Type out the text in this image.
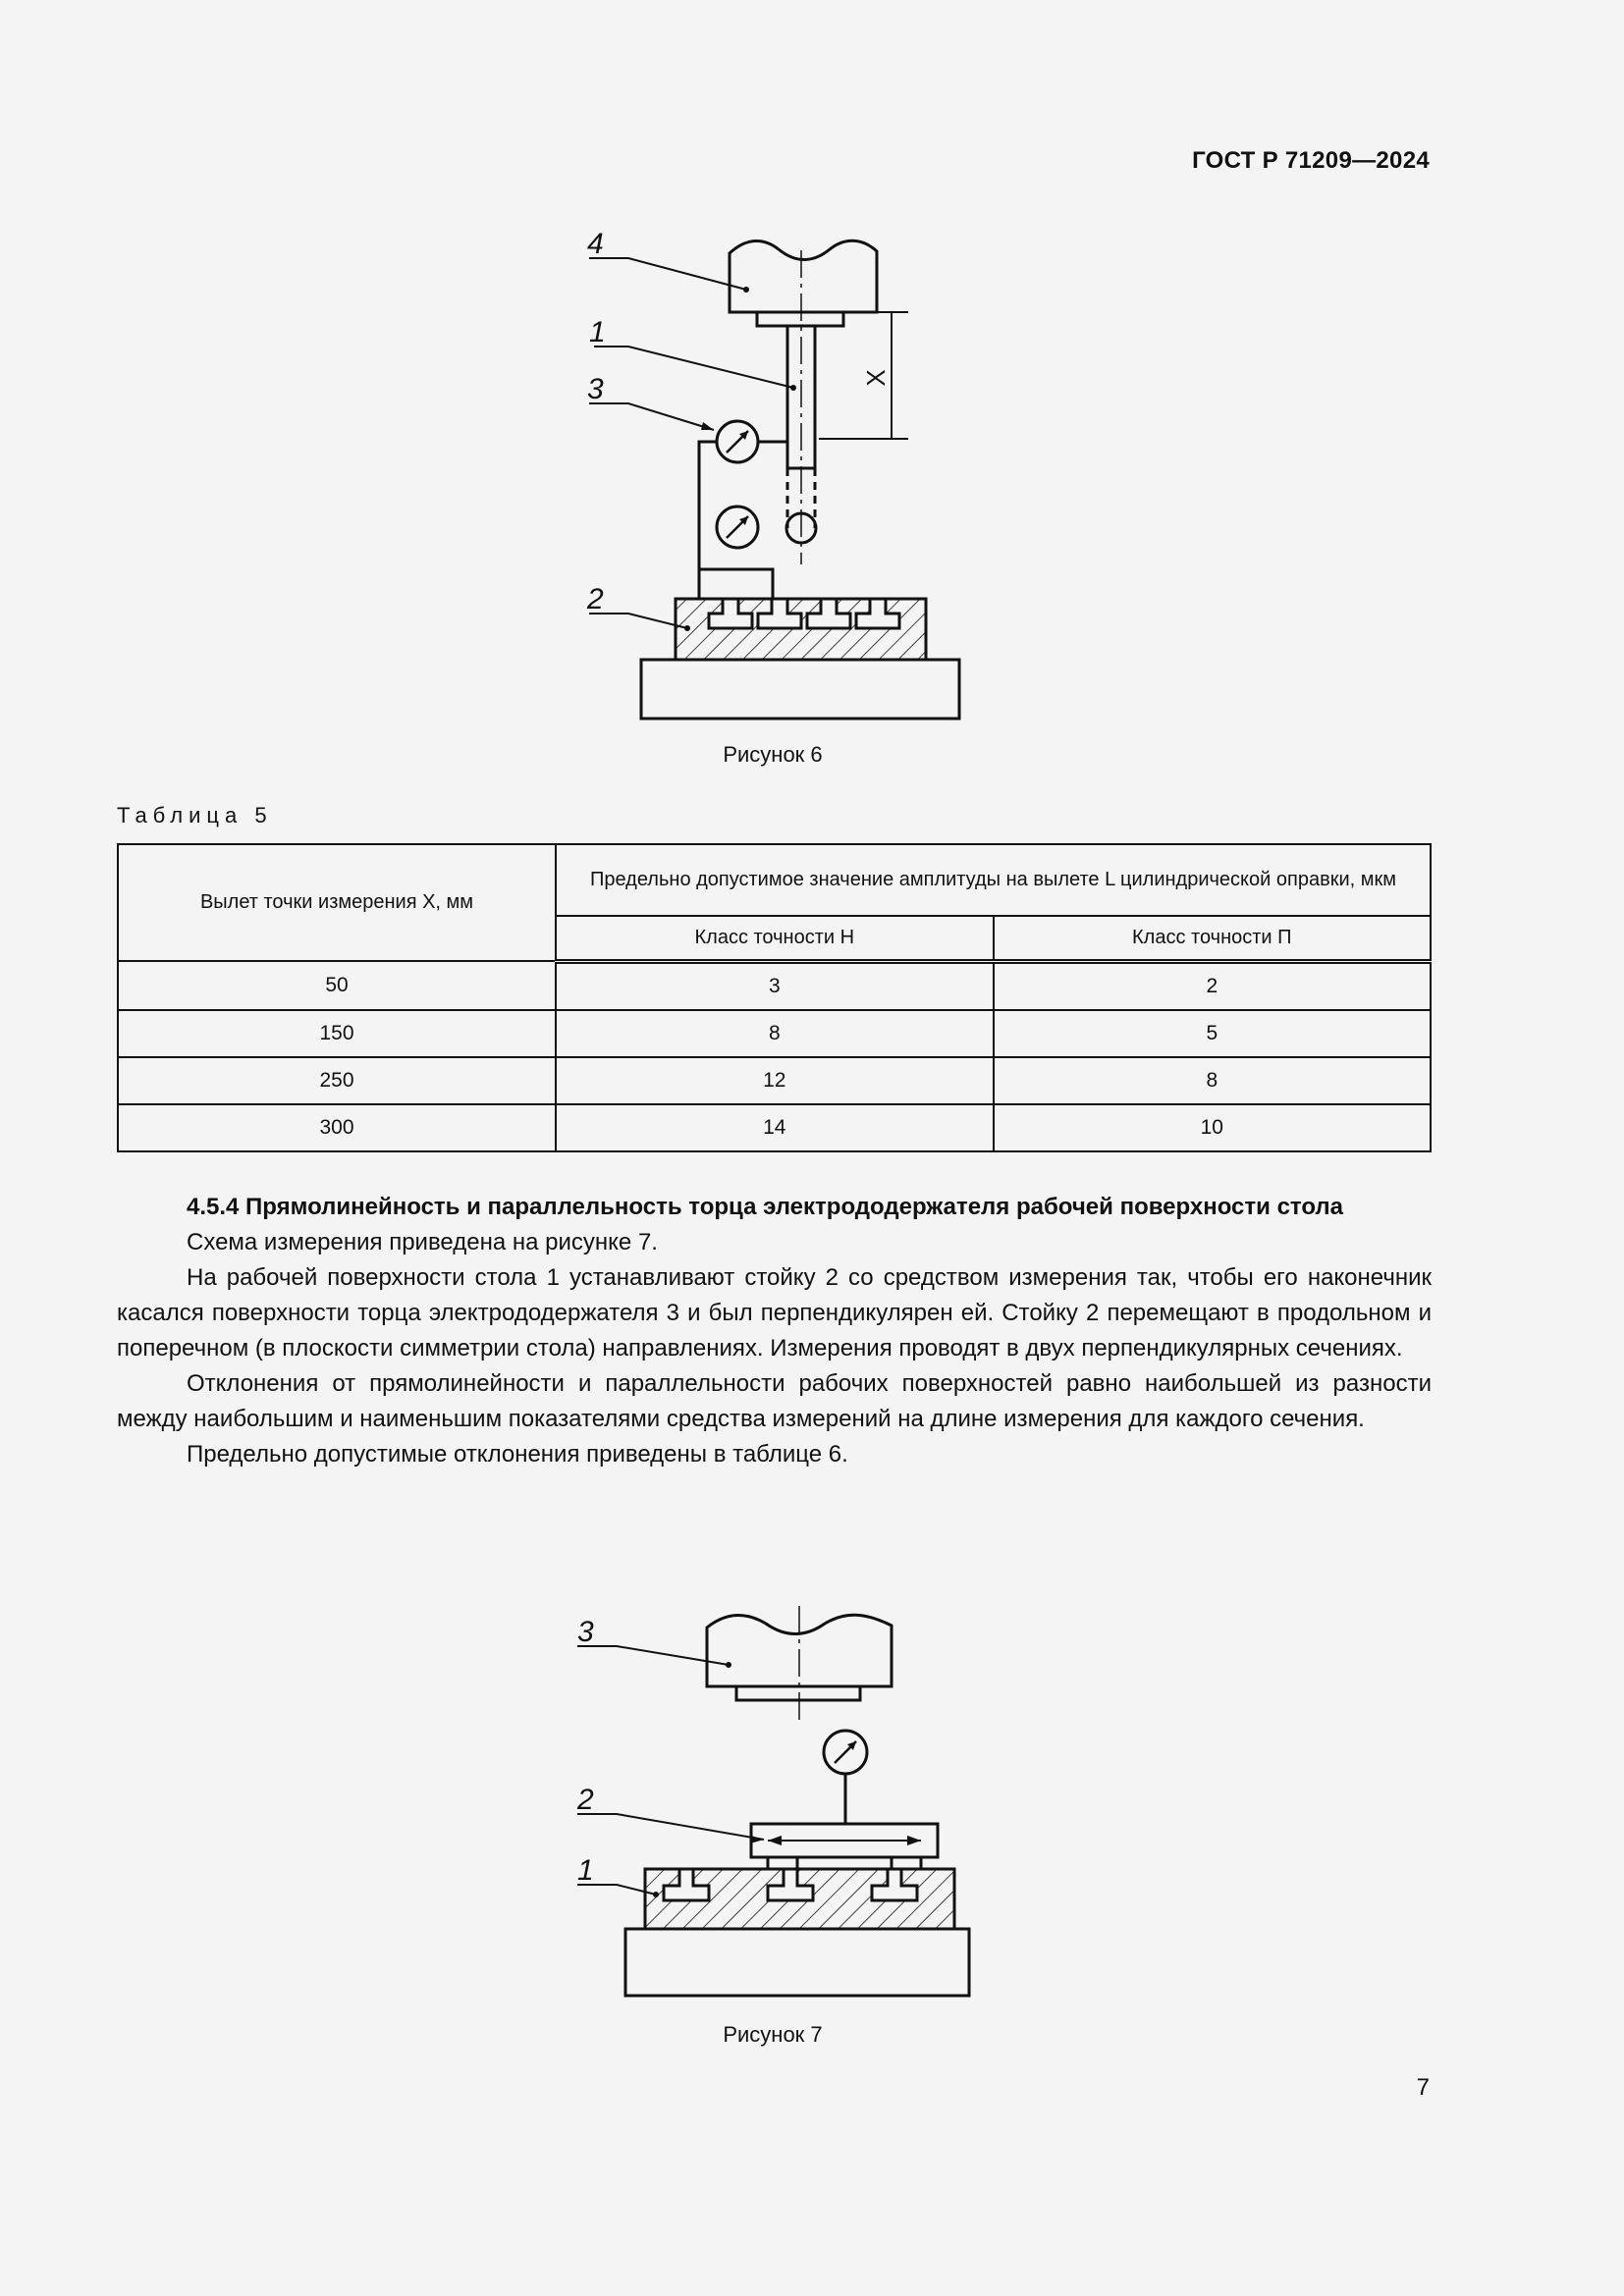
ГОСТ Р 71209—2024
4
1
3
2
X
Рисунок 6
Таблица 5
Вылет точки измерения X, мм	Предельно допустимое значение амплитуды на вылете L цилиндрической оправки, мкм	
	Класс точности Н	Класс точности П
50	3	2
150	8	5
250	12	8
300	14	10

4.5.4 Прямолинейность и параллельность торца электрододержателя рабочей поверхности стола

Схема измерения приведена на рисунке 7.

На рабочей поверхности стола 1 устанавливают стойку 2 со средством измерения так, чтобы его наконечник касался поверхности торца электрододержателя 3 и был перпендикулярен ей. Стойку 2 перемещают в продольном и поперечном (в плоскости симметрии стола) направлениях. Измерения проводят в двух перпендикулярных сечениях.

Отклонения от прямолинейности и параллельности рабочих поверхностей равно наибольшей из разности между наибольшим и наименьшим показателями средства измерений на длине измерения для каждого сечения.

Предельно допустимые отклонения приведены в таблице 6.

3
2
1
Рисунок 7
7
